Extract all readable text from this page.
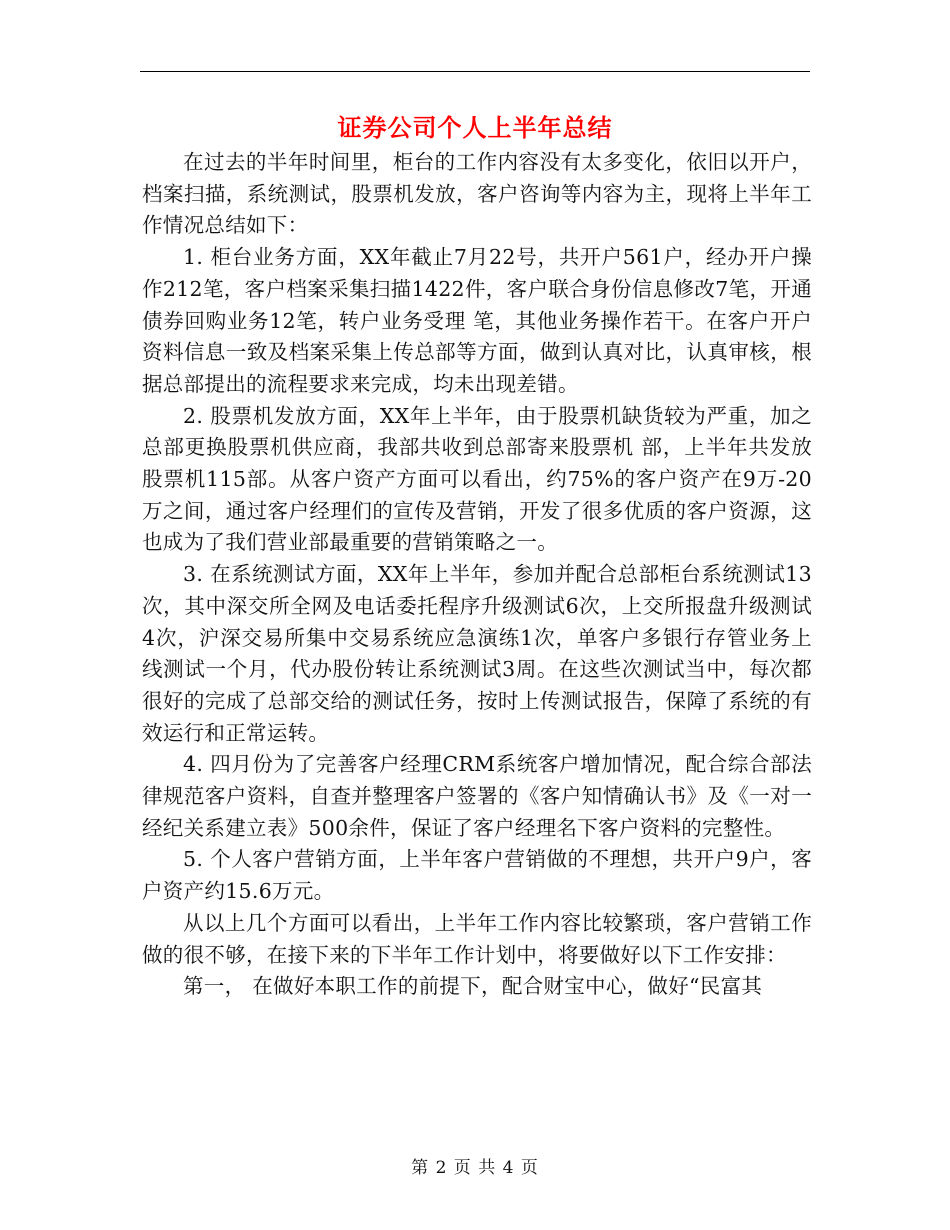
证券公司个人上半年总结

在过去的半年时间里，柜台的工作内容没有太多变化，依旧以开户，档案扫描，系统测试，股票机发放，客户咨询等内容为主，现将上半年工作情况总结如下：

1. 柜台业务方面，XX年截止7月22号，共开户561户，经办开户操作212笔，客户档案采集扫描1422件，客户联合身份信息修改7笔，开通债券回购业务12笔，转户业务受理 笔，其他业务操作若干。在客户开户资料信息一致及档案采集上传总部等方面，做到认真对比，认真审核，根据总部提出的流程要求来完成，均未出现差错。

2. 股票机发放方面，XX年上半年，由于股票机缺货较为严重，加之总部更换股票机供应商，我部共收到总部寄来股票机 部，上半年共发放股票机115部。从客户资产方面可以看出，约75%的客户资产在9万-20万之间，通过客户经理们的宣传及营销，开发了很多优质的客户资源，这也成为了我们营业部最重要的营销策略之一。

3. 在系统测试方面，XX年上半年，参加并配合总部柜台系统测试13次，其中深交所全网及电话委托程序升级测试6次，上交所报盘升级测试4次，沪深交易所集中交易系统应急演练1次，单客户多银行存管业务上线测试一个月，代办股份转让系统测试3周。在这些次测试当中，每次都很好的完成了总部交给的测试任务，按时上传测试报告，保障了系统的有效运行和正常运转。

4. 四月份为了完善客户经理CRM系统客户增加情况，配合综合部法律规范客户资料，自查并整理客户签署的《客户知情确认书》及《一对一经纪关系建立表》500余件，保证了客户经理名下客户资料的完整性。

5. 个人客户营销方面，上半年客户营销做的不理想，共开户9户，客户资产约15.6万元。

从以上几个方面可以看出，上半年工作内容比较繁琐，客户营销工作做的很不够，在接下来的下半年工作计划中，将要做好以下工作安排：

第一， 在做好本职工作的前提下，配合财宝中心，做好“民富其

第 2 页 共 4 页
